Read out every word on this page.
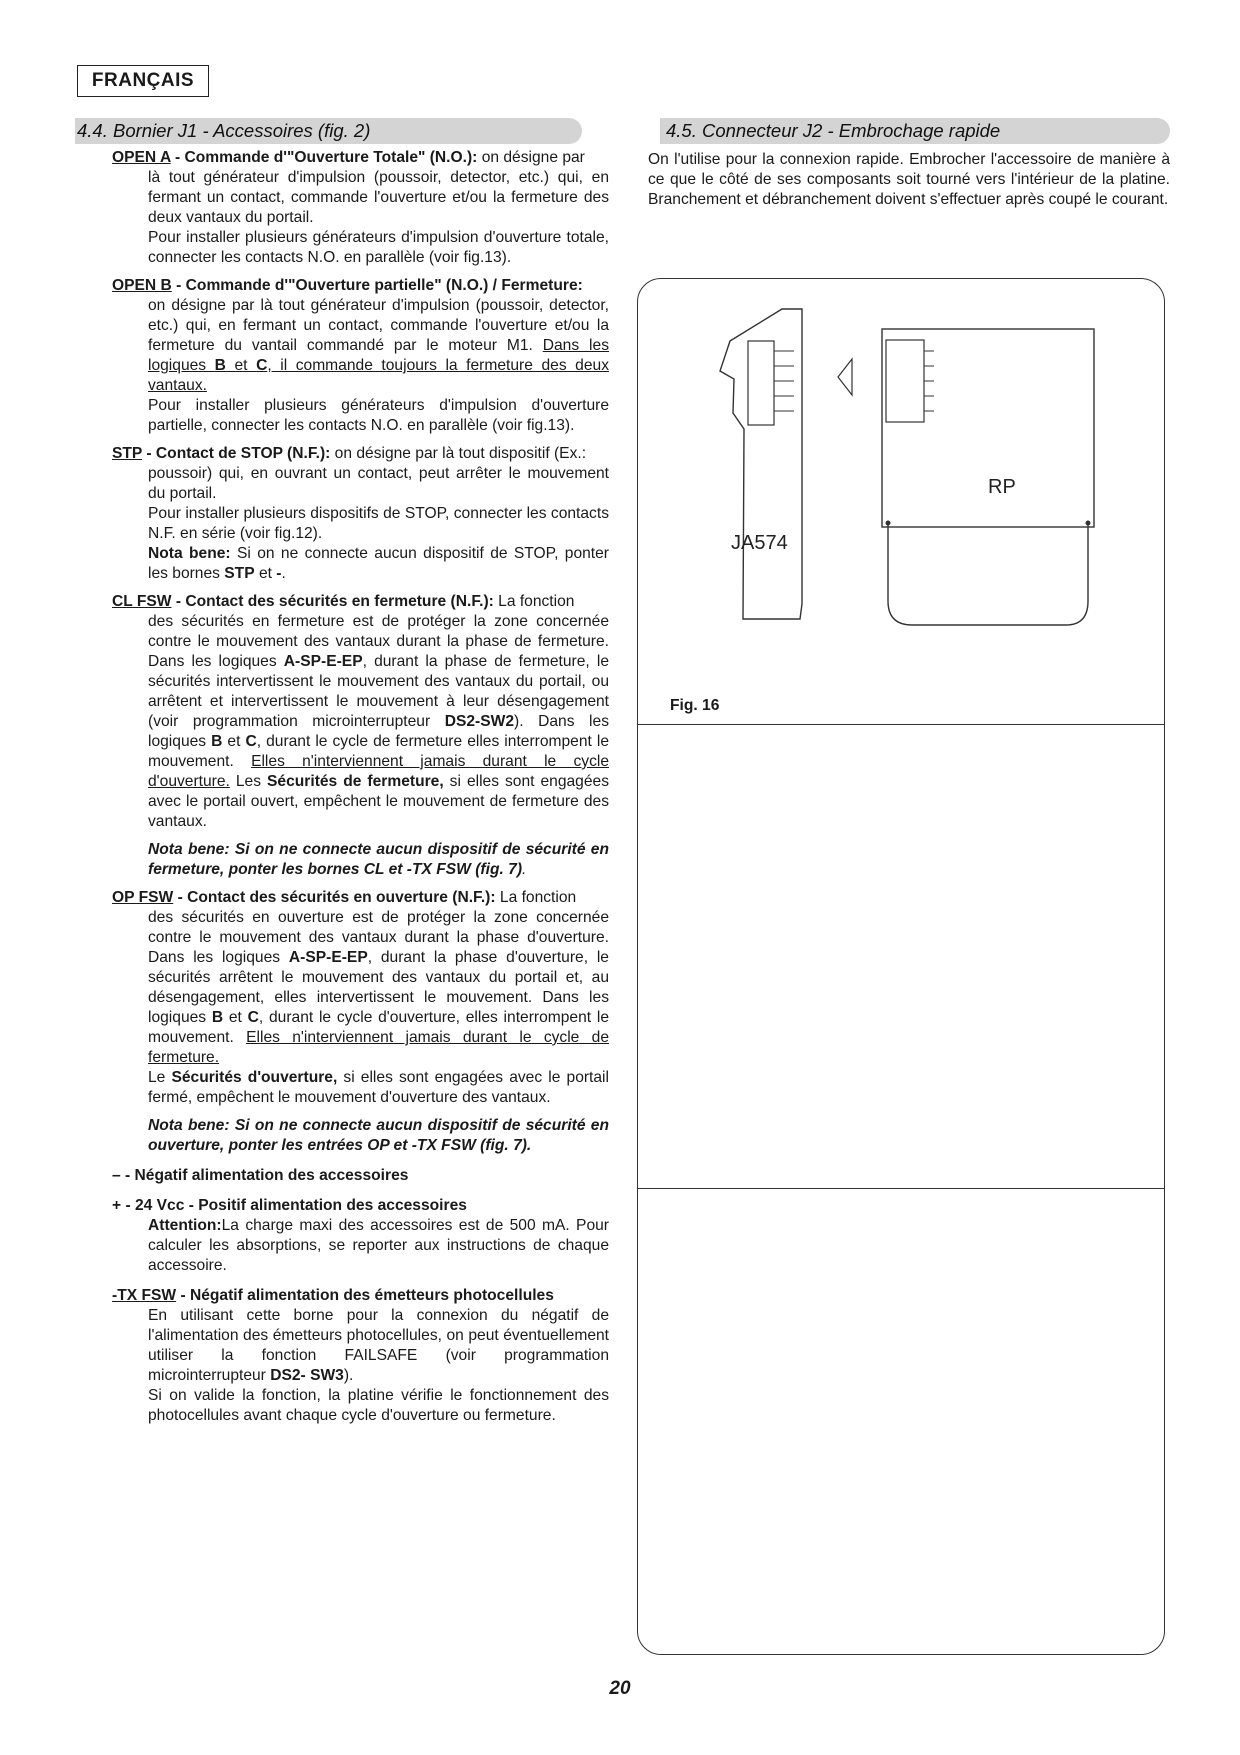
FRANÇAIS
4.4. Bornier J1 - Accessoires (fig. 2)	4.5. Connecteur J2 - Embrochage rapide
OPEN A - Commande d'"Ouverture Totale" (N.O.): on désigne par

là tout générateur d'impulsion (poussoir, detector, etc.) qui, en fermant un contact, commande l'ouverture et/ou la fermeture des deux vantaux du portail.

Pour installer plusieurs générateurs d'impulsion d'ouverture totale, connecter les contacts N.O. en parallèle (voir fig.13).

OPEN B - Commande d'"Ouverture partielle" (N.O.) / Fermeture:

on désigne par là tout générateur d'impulsion (poussoir, detector, etc.) qui, en fermant un contact, commande l'ouverture et/ou la fermeture du vantail commandé par le moteur M1. Dans les logiques B et C, il commande toujours la fermeture des deux vantaux.

Pour installer plusieurs générateurs d'impulsion d'ouverture partielle, connecter les contacts N.O. en parallèle (voir fig.13).

STP - Contact de STOP (N.F.): on désigne par là tout dispositif (Ex.:

poussoir) qui, en ouvrant un contact, peut arrêter le mouvement du portail.

Pour installer plusieurs dispositifs de STOP, connecter les contacts N.F. en série (voir fig.12).

Nota bene: Si on ne connecte aucun dispositif de STOP, ponter les bornes STP et -.

CL FSW - Contact des sécurités en fermeture (N.F.): La fonction

des sécurités en fermeture est de protéger la zone concernée contre le mouvement des vantaux durant la phase de fermeture. Dans les logiques A-SP-E-EP, durant la phase de fermeture, le sécurités intervertissent le mouvement des vantaux du portail, ou arrêtent et intervertissent le mouvement à leur désengagement (voir programmation microinterrupteur DS2-SW2). Dans les logiques B et C, durant le cycle de fermeture elles interrompent le mouvement. Elles n'interviennent jamais durant le cycle d'ouverture. Les Sécurités de fermeture, si elles sont engagées avec le portail ouvert, empêchent le mouvement de fermeture des vantaux.

Nota bene: Si on ne connecte aucun dispositif de sécurité en fermeture, ponter les bornes CL et -TX FSW (fig. 7).

OP FSW - Contact des sécurités en ouverture (N.F.): La fonction

des sécurités en ouverture est de protéger la zone concernée contre le mouvement des vantaux durant la phase d'ouverture. Dans les logiques A-SP-E-EP, durant la phase d'ouverture, le sécurités arrêtent le mouvement des vantaux du portail et, au désengagement, elles intervertissent le mouvement. Dans les logiques B et C, durant le cycle d'ouverture, elles interrompent le mouvement. Elles n'interviennent jamais durant le cycle de fermeture.

Le Sécurités d'ouverture, si elles sont engagées avec le portail fermé, empêchent le mouvement d'ouverture des vantaux.

Nota bene: Si on ne connecte aucun dispositif de sécurité en ouverture, ponter les entrées OP et -TX FSW (fig. 7).

– - Négatif alimentation des accessoires
+ - 24 Vcc - Positif alimentation des accessoires

Attention:La charge maxi des accessoires est de 500 mA. Pour calculer les absorptions, se reporter aux instructions de chaque accessoire.

-TX FSW - Négatif alimentation des émetteurs photocellules

En utilisant cette borne pour la connexion du négatif de l'alimentation des émetteurs photocellules, on peut éventuellement utiliser la fonction FAILSAFE (voir programmation microinterrupteur DS2- SW3).

Si on valide la fonction, la platine vérifie le fonctionnement des photocellules avant chaque cycle d'ouverture ou fermeture.

On l'utilise pour la connexion rapide. Embrocher l'accessoire de manière à ce que le côté de ses composants soit tourné vers l'intérieur de la platine. Branchement et débranchement doivent s'effectuer après coupé le courant.
JA574
RP
Fig. 16
20
